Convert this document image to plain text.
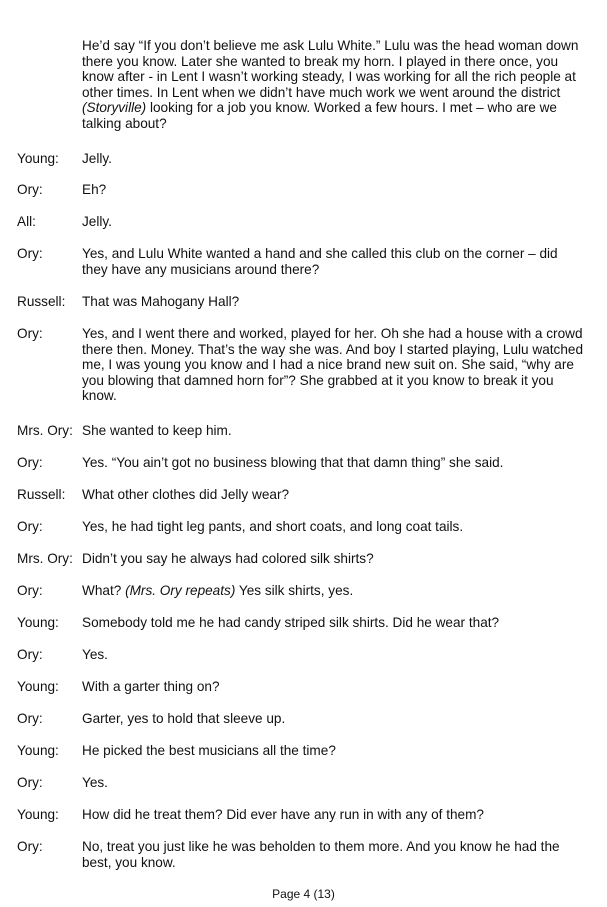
He’d say “If you don’t believe me ask Lulu White.” Lulu was the head woman down there you know. Later she wanted to break my horn. I played in there once, you know after - in Lent I wasn’t working steady, I was working for all the rich people at other times. In Lent when we didn’t have much work we went around the district (Storyville) looking for a job you know. Worked a few hours. I met – who are we talking about?
Young:	Jelly.
Ory:	Eh?
All:	Jelly.
Ory:	Yes, and Lulu White wanted a hand and she called this club on the corner – did they have any musicians around there?
Russell:	That was Mahogany Hall?
Ory:	Yes, and I went there and worked, played for her. Oh she had a house with a crowd there then. Money. That’s the way she was. And boy I started playing, Lulu watched me, I was young you know and I had a nice brand new suit on. She said, “why are you blowing that damned horn for”? She grabbed at it you know to break it you know.
Mrs. Ory: She wanted to keep him.
Ory:	Yes. “You ain’t got no business blowing that that damn thing” she said.
Russell:	What other clothes did Jelly wear?
Ory:	Yes, he had tight leg pants, and short coats, and long coat tails.
Mrs. Ory: Didn’t you say he always had colored silk shirts?
Ory:	What? (Mrs. Ory repeats) Yes silk shirts, yes.
Young:	Somebody told me he had candy striped silk shirts. Did he wear that?
Ory:	Yes.
Young:	With a garter thing on?
Ory:	Garter, yes to hold that sleeve up.
Young:	He picked the best musicians all the time?
Ory:	Yes.
Young:	How did he treat them? Did ever have any run in with any of them?
Ory:	No, treat you just like he was beholden to them more. And you know he had the best, you know.
Page 4 (13)
